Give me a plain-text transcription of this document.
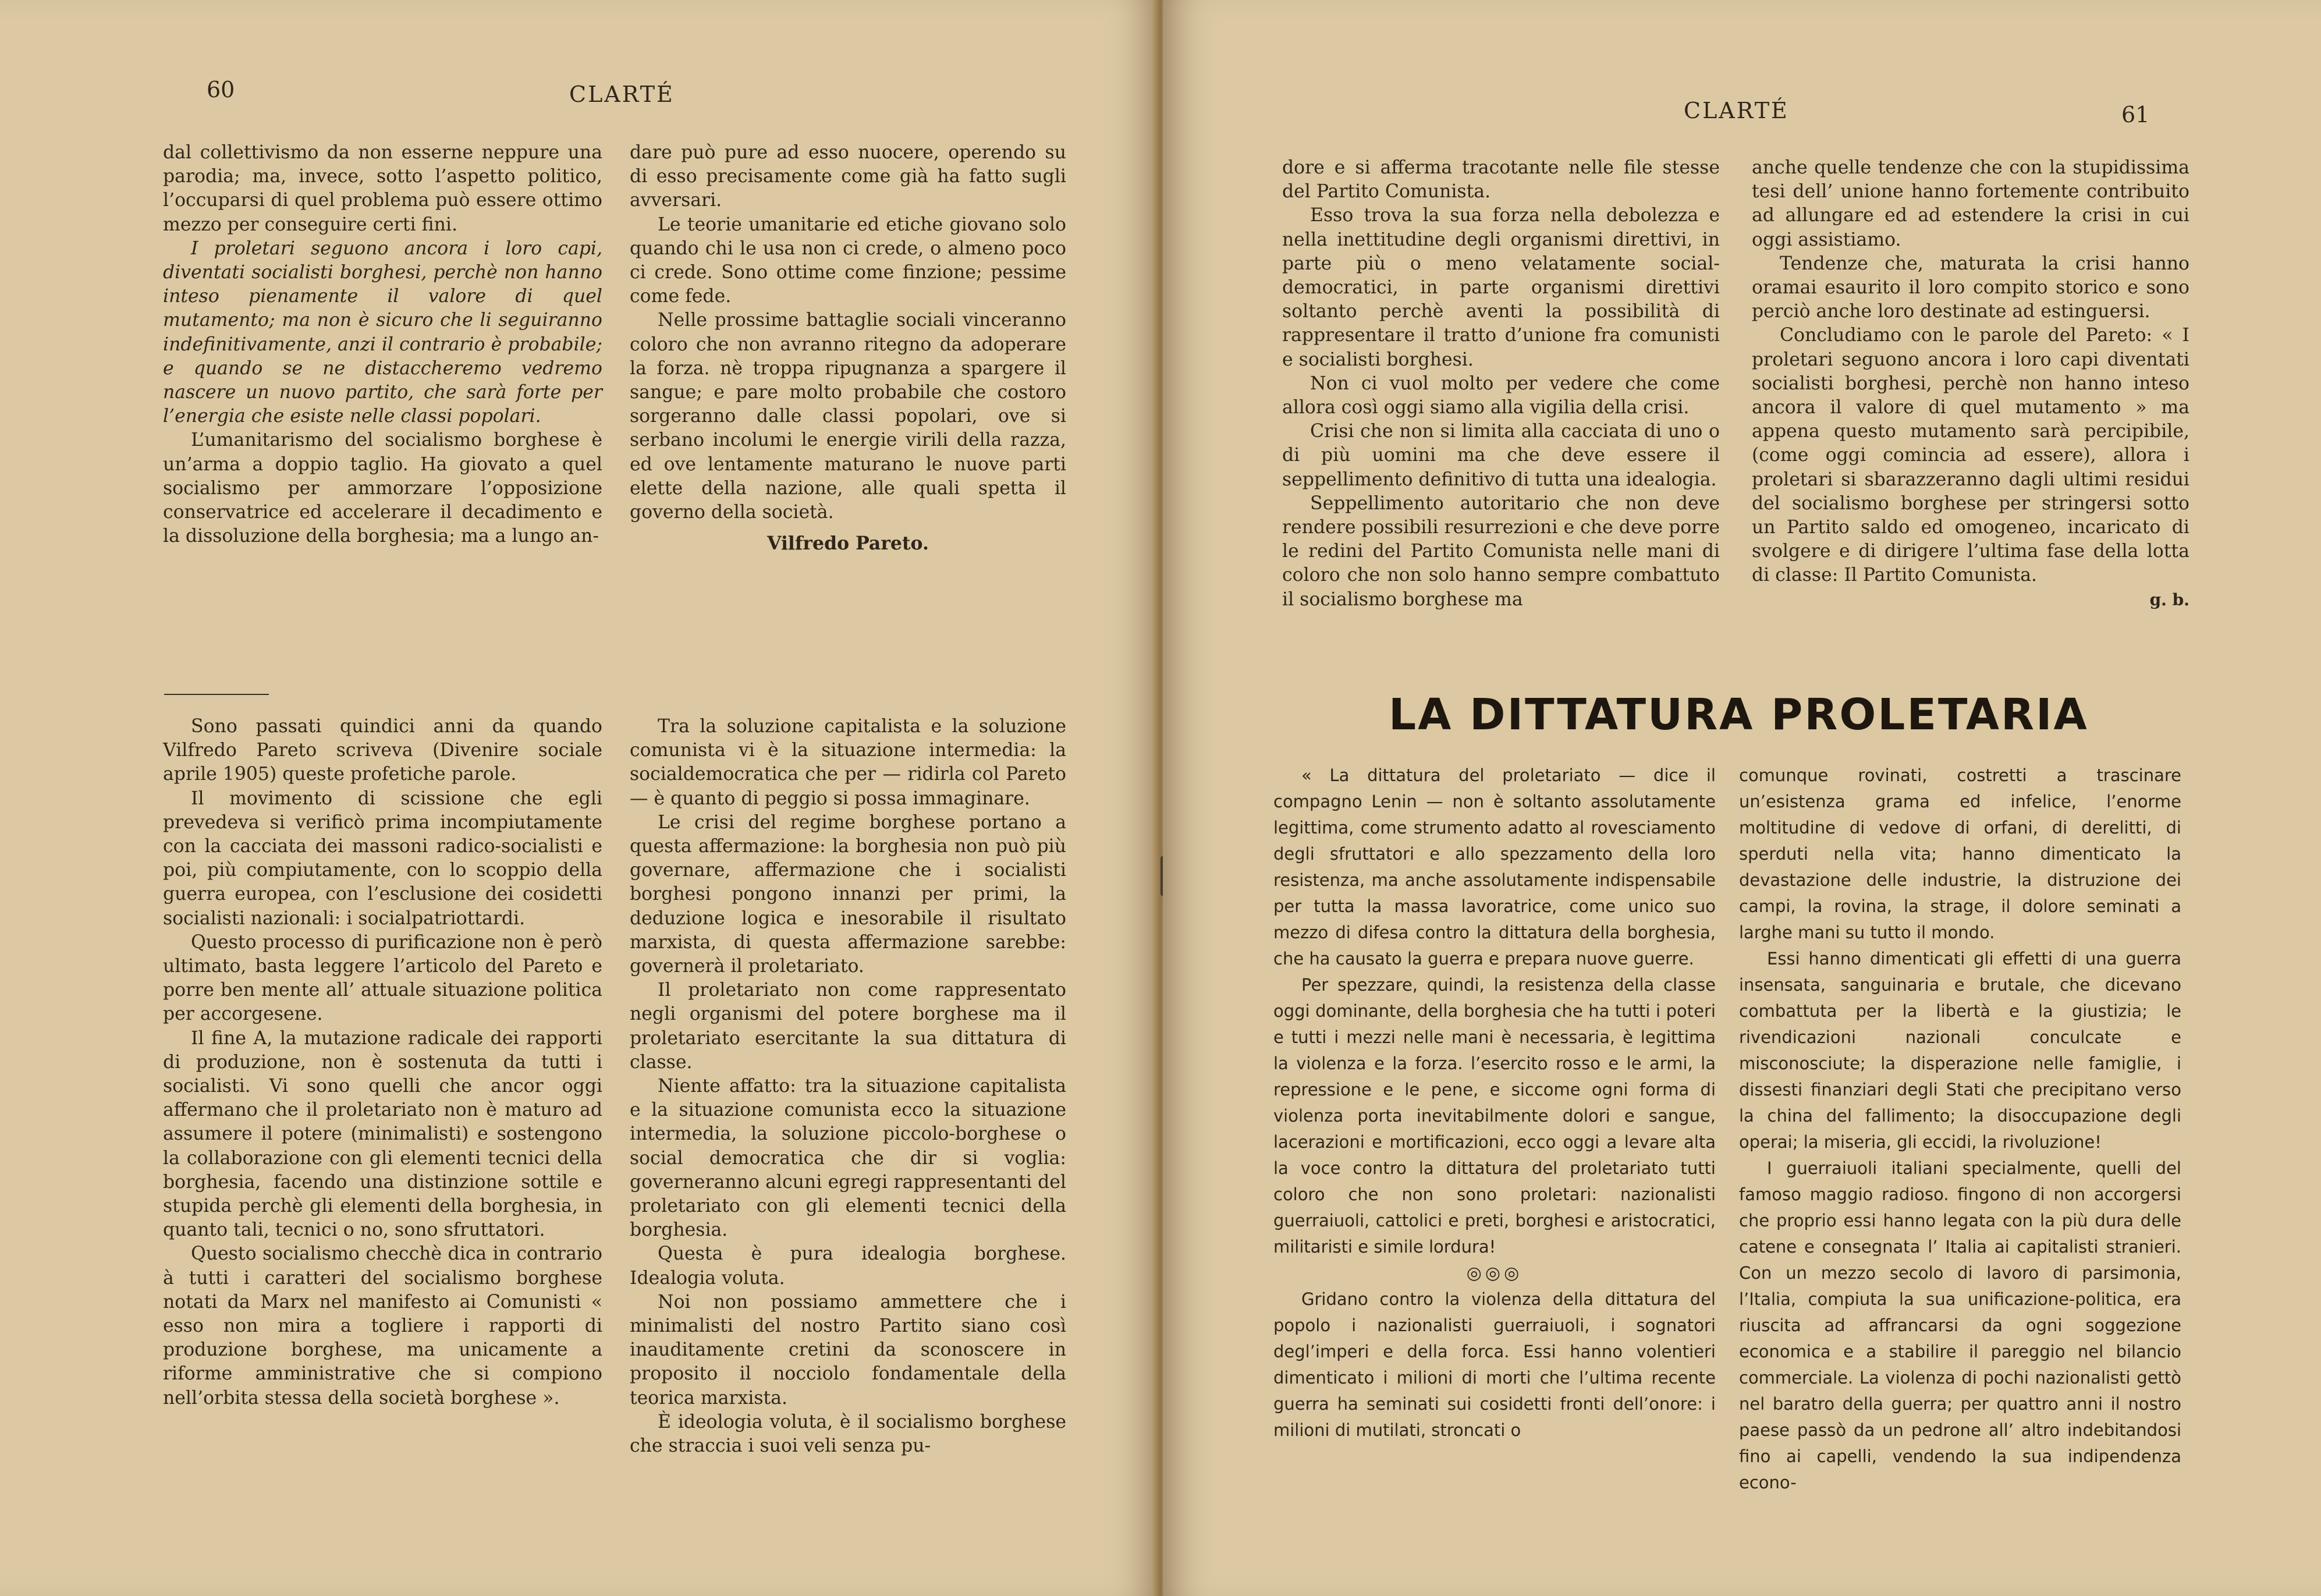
60	CLARTÉ

dal collettivismo da non esserne neppure una parodia; ma, invece, sotto l’aspetto politico, l’occuparsi di quel problema può essere ottimo mezzo per conseguire certi fini.

I proletari seguono ancora i loro capi, diventati socialisti borghesi, perchè non hanno inteso pienamente il valore di quel mutamento; ma non è sicuro che li seguiranno indefinitivamente, anzi il contrario è probabile; e quando se ne distaccheremo vedremo nascere un nuovo partito, che sarà forte per l’energia che esiste nelle classi popolari.

L’umanitarismo del socialismo borghese è un’arma a doppio taglio. Ha giovato a quel socialismo per ammorzare l’opposizione conservatrice ed accelerare il decadimento e la dissoluzione della borghesia; ma a lungo an-

dare può pure ad esso nuocere, operendo su di esso precisamente come già ha fatto sugli avversari.

Le teorie umanitarie ed etiche giovano solo quando chi le usa non ci crede, o almeno poco ci crede. Sono ottime come finzione; pessime come fede.

Nelle prossime battaglie sociali vinceranno coloro che non avranno ritegno da adoperare la forza. nè troppa ripugnanza a spargere il sangue; e pare molto probabile che costoro sorgeranno dalle classi popolari, ove si serbano incolumi le energie virili della razza, ed ove lentamente maturano le nuove parti elette della nazione, alle quali spetta il governo della società.

Vilfredo Pareto.

Sono passati quindici anni da quando Vilfredo Pareto scriveva (Divenire sociale aprile 1905) queste profetiche parole.

Il movimento di scissione che egli prevedeva si verificò prima incompiutamente con la cacciata dei massoni radico-socialisti e poi, più compiutamente, con lo scoppio della guerra europea, con l’esclusione dei cosidetti socialisti nazionali: i socialpatriottardi.

Questo processo di purificazione non è però ultimato, basta leggere l’articolo del Pareto e porre ben mente all’ attuale situazione politica per accorgesene.

Il fine A, la mutazione radicale dei rapporti di produzione, non è sostenuta da tutti i socialisti. Vi sono quelli che ancor oggi affermano che il proletariato non è maturo ad assumere il potere (minimalisti) e sostengono la collaborazione con gli elementi tecnici della borghesia, facendo una distinzione sottile e stupida perchè gli elementi della borghesia, in quanto tali, tecnici o no, sono sfruttatori.

Questo socialismo checchè dica in contrario à tutti i caratteri del socialismo borghese notati da Marx nel manifesto ai Comunisti « esso non mira a togliere i rapporti di produzione borghese, ma unicamente a riforme amministrative che si compiono nell’orbita stessa della società borghese ».

Tra la soluzione capitalista e la soluzione comunista vi è la situazione intermedia: la socialdemocratica che per — ridirla col Pareto — è quanto di peggio si possa immaginare.

Le crisi del regime borghese portano a questa affermazione: la borghesia non può più governare, affermazione che i socialisti borghesi pongono innanzi per primi, la deduzione logica e inesorabile il risultato marxista, di questa affermazione sarebbe: governerà il proletariato.

Il proletariato non come rappresentato negli organismi del potere borghese ma il proletariato esercitante la sua dittatura di classe.

Niente affatto: tra la situazione capitalista e la situazione comunista ecco la situazione intermedia, la soluzione piccolo-borghese o social democratica che dir si voglia: governeranno alcuni egregi rappresentanti del proletariato con gli elementi tecnici della borghesia.

Questa è pura idealogia borghese. Idealogia voluta.

Noi non possiamo ammettere che i minimalisti del nostro Partito siano così inauditamente cretini da sconoscere in proposito il nocciolo fondamentale della teorica marxista.

È ideologia voluta, è il socialismo borghese che straccia i suoi veli senza pu-

CLARTÉ	61

dore e si afferma tracotante nelle file stesse del Partito Comunista.

Esso trova la sua forza nella debolezza e nella inettitudine degli organismi direttivi, in parte più o meno velatamente social-democratici, in parte organismi direttivi soltanto perchè aventi la possibilità di rappresentare il tratto d’unione fra comunisti e socialisti borghesi.

Non ci vuol molto per vedere che come allora così oggi siamo alla vigilia della crisi.

Crisi che non si limita alla cacciata di uno o di più uomini ma che deve essere il seppellimento definitivo di tutta una idealogia.

Seppellimento autoritario che non deve rendere possibili resurrezioni e che deve porre le redini del Partito Comunista nelle mani di coloro che non solo hanno sempre combattuto il socialismo borghese ma

anche quelle tendenze che con la stupidissima tesi dell’ unione hanno fortemente contribuito ad allungare ed ad estendere la crisi in cui oggi assistiamo.

Tendenze che, maturata la crisi hanno oramai esaurito il loro compito storico e sono perciò anche loro destinate ad estinguersi.

Concludiamo con le parole del Pareto: « I proletari seguono ancora i loro capi diventati socialisti borghesi, perchè non hanno inteso ancora il valore di quel mutamento » ma appena questo mutamento sarà percipibile, (come oggi comincia ad essere), allora i proletari si sbarazzeranno dagli ultimi residui del socialismo borghese per stringersi sotto un Partito saldo ed omogeneo, incaricato di svolgere e di dirigere l’ultima fase della lotta di classe: Il Partito Comunista.

g. b.

LA DITTATURA PROLETARIA

« La dittatura del proletariato — dice il compagno Lenin — non è soltanto assolutamente legittima, come strumento adatto al rovesciamento degli sfruttatori e allo spezzamento della loro resistenza, ma anche assolutamente indispensabile per tutta la massa lavoratrice, come unico suo mezzo di difesa contro la dittatura della borghesia, che ha causato la guerra e prepara nuove guerre.

Per spezzare, quindi, la resistenza della classe oggi dominante, della borghesia che ha tutti i poteri e tutti i mezzi nelle mani è necessaria, è legittima la violenza e la forza. l’esercito rosso e le armi, la repressione e le pene, e siccome ogni forma di violenza porta inevitabilmente dolori e sangue, lacerazioni e mortificazioni, ecco oggi a levare alta la voce contro la dittatura del proletariato tutti coloro che non sono proletari: nazionalisti guerraiuoli, cattolici e preti, borghesi e aristocratici, militaristi e simile lordura!

◎◎◎

Gridano contro la violenza della dittatura del popolo i nazionalisti guerraiuoli, i sognatori degl’imperi e della forca. Essi hanno volentieri dimenticato i milioni di morti che l’ultima recente guerra ha seminati sui cosidetti fronti dell’onore: i milioni di mutilati, stroncati o

comunque rovinati, costretti a trascinare un’esistenza grama ed infelice, l’enorme moltitudine di vedove di orfani, di derelitti, di sperduti nella vita; hanno dimenticato la devastazione delle industrie, la distruzione dei campi, la rovina, la strage, il dolore seminati a larghe mani su tutto il mondo.

Essi hanno dimenticati gli effetti di una guerra insensata, sanguinaria e brutale, che dicevano combattuta per la libertà e la giustizia; le rivendicazioni nazionali conculcate e misconosciute; la disperazione nelle famiglie, i dissesti finanziari degli Stati che precipitano verso la china del fallimento; la disoccupazione degli operai; la miseria, gli eccidi, la rivoluzione!

I guerraiuoli italiani specialmente, quelli del famoso maggio radioso. fingono di non accorgersi che proprio essi hanno legata con la più dura delle catene e consegnata l’ Italia ai capitalisti stranieri. Con un mezzo secolo di lavoro di parsimonia, l’Italia, compiuta la sua unificazione-politica, era riuscita ad affrancarsi da ogni soggezione economica e a stabilire il pareggio nel bilancio commerciale. La violenza di pochi nazionalisti gettò nel baratro della guerra; per quattro anni il nostro paese passò da un pedrone all’ altro indebitandosi fino ai capelli, vendendo la sua indipendenza econo-
